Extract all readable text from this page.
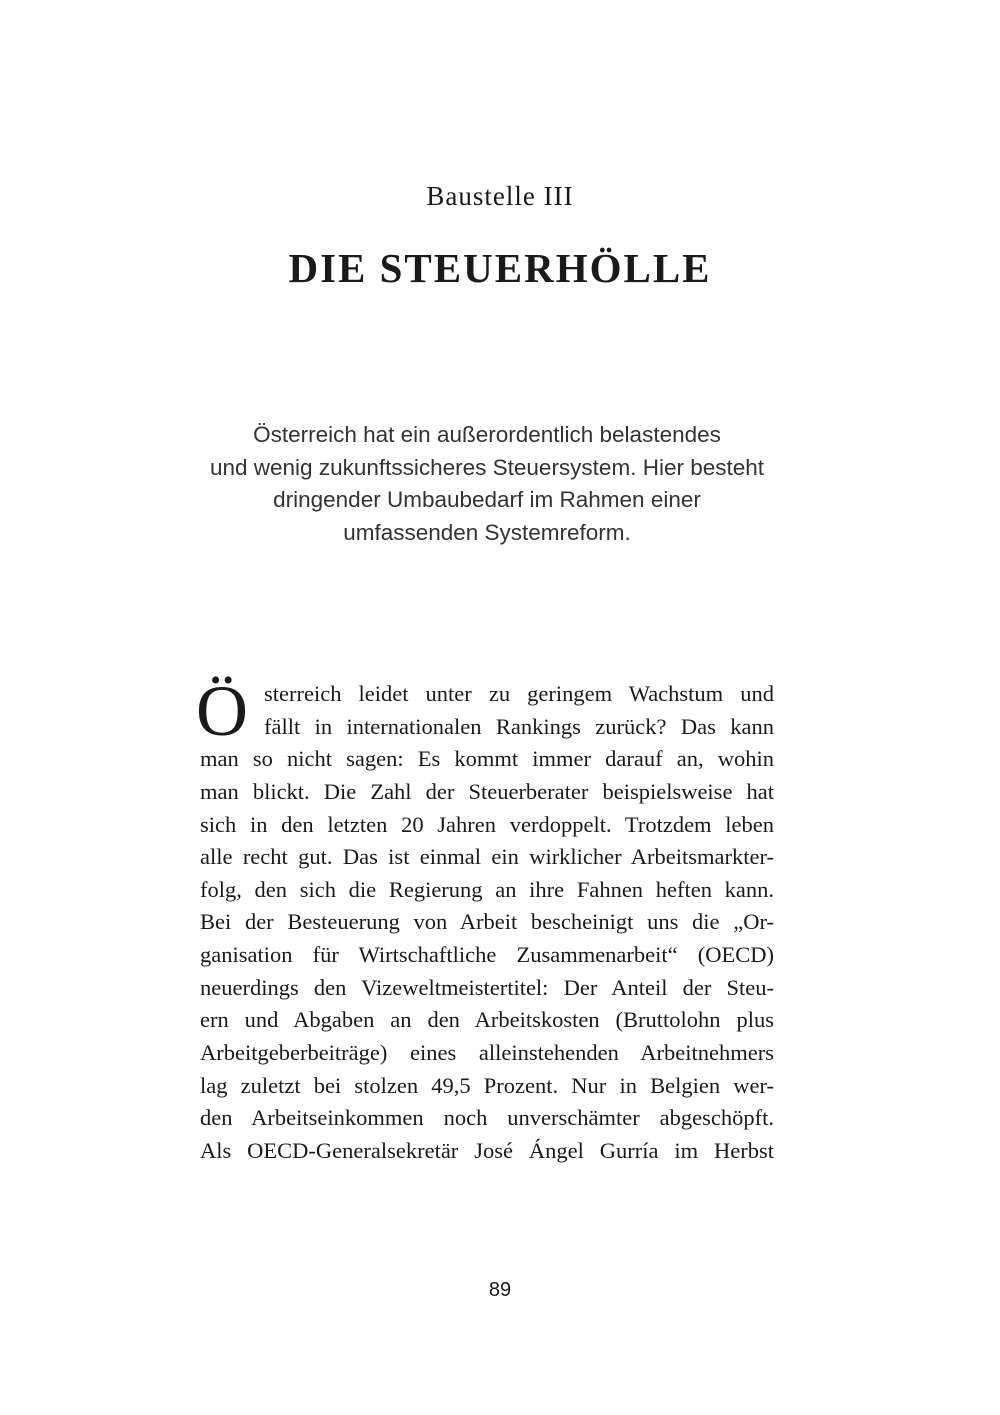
Baustelle III
DIE STEUERHÖLLE
Österreich hat ein außerordentlich belastendes
und wenig zukunftssicheres Steuersystem. Hier besteht
dringender Umbaubedarf im Rahmen einer
umfassenden Systemreform.
Ö sterreich leidet unter zu geringem Wachstum und
fällt in internationalen Rankings zurück? Das kann
man so nicht sagen: Es kommt immer darauf an, wohin
man blickt. Die Zahl der Steuerberater beispielsweise hat
sich in den letzten 20 Jahren verdoppelt. Trotzdem leben
alle recht gut. Das ist einmal ein wirklicher Arbeitsmarkter-
folg, den sich die Regierung an ihre Fahnen heften kann.
Bei der Besteuerung von Arbeit bescheinigt uns die „Or-
ganisation für Wirtschaftliche Zusammenarbeit“ (OECD)
neuerdings den Vizeweltmeistertitel: Der Anteil der Steu-
ern und Abgaben an den Arbeitskosten (Bruttolohn plus
Arbeitgeberbeiträge) eines alleinstehenden Arbeitnehmers
lag zuletzt bei stolzen 49,5 Prozent. Nur in Belgien wer-
den Arbeitseinkommen noch unverschämter abgeschöpft.
Als OECD-Generalsekretär José Ángel Gurría im Herbst
89
